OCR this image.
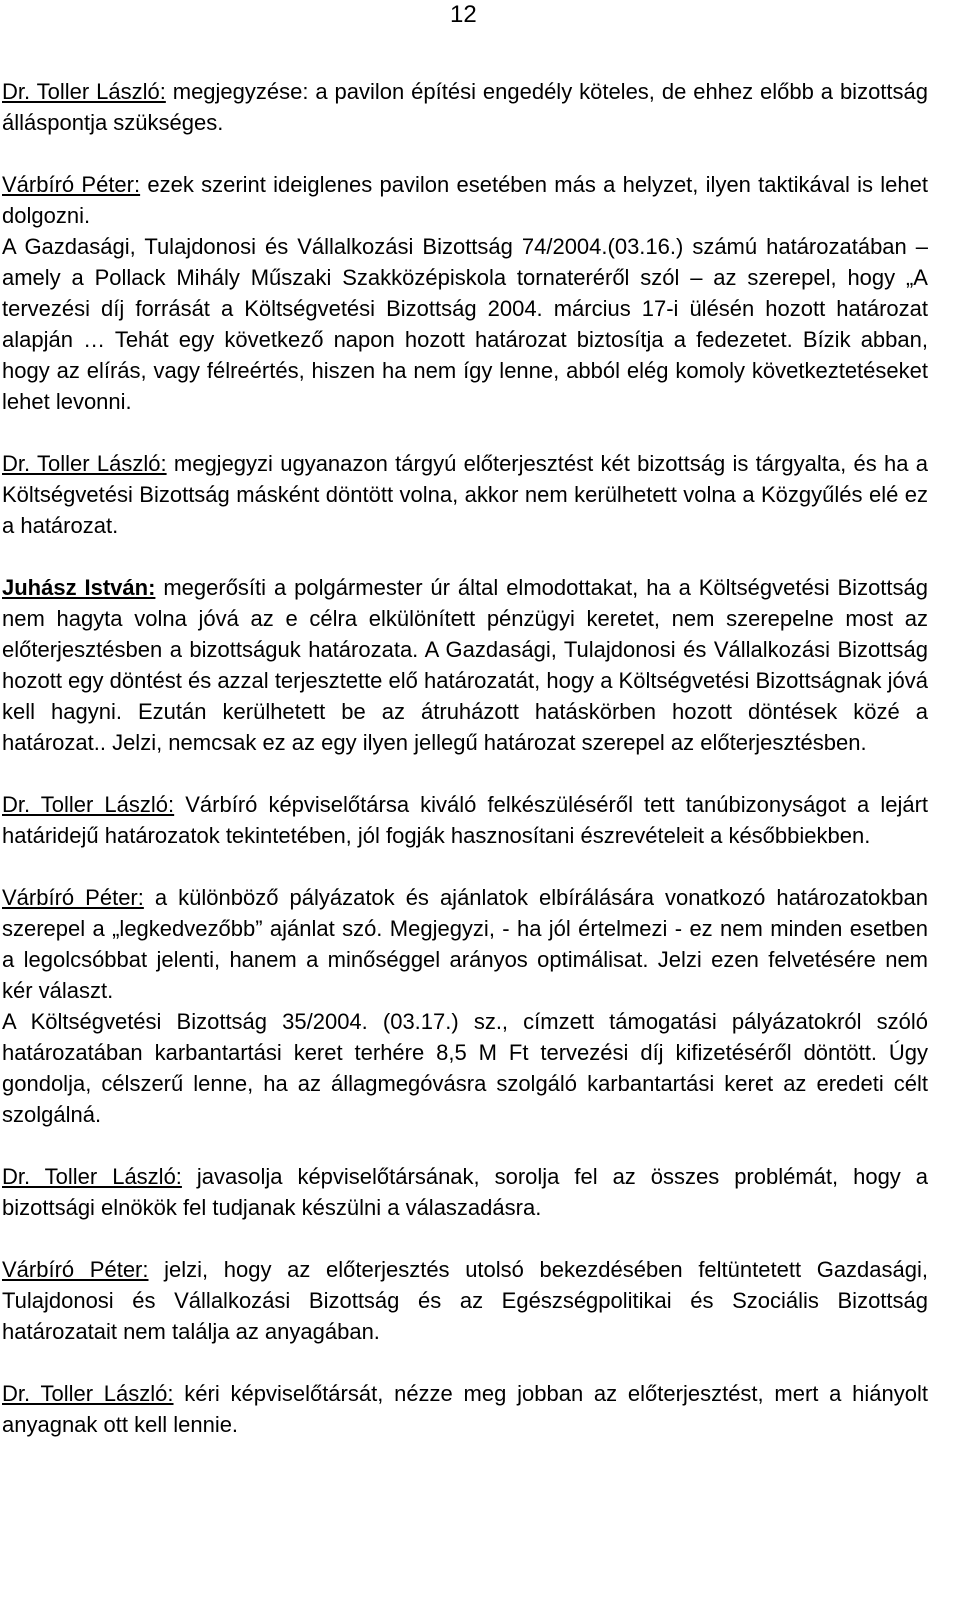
12

Dr. Toller László: megjegyzése: a pavilon építési engedély köteles, de ehhez előbb a bizottság álláspontja szükséges.

Várbíró Péter: ezek szerint ideiglenes pavilon esetében más a helyzet, ilyen taktikával is lehet dolgozni.

A Gazdasági, Tulajdonosi és Vállalkozási Bizottság 74/2004.(03.16.) számú határozatában – amely a Pollack Mihály Műszaki Szakközépiskola tornateréről szól – az szerepel, hogy „A tervezési díj forrását a Költségvetési Bizottság 2004. március 17-i ülésén hozott határozat alapján … Tehát egy következő napon hozott határozat biztosítja a fedezetet. Bízik abban, hogy az elírás, vagy félreértés, hiszen ha nem így lenne, abból elég komoly következtetéseket lehet levonni.

Dr. Toller László: megjegyzi ugyanazon tárgyú előterjesztést két bizottság is tárgyalta, és ha a Költségvetési Bizottság másként döntött volna, akkor nem kerülhetett volna a Közgyűlés elé ez a határozat.

Juhász István: megerősíti a polgármester úr által elmodottakat, ha a Költségvetési Bizottság nem hagyta volna jóvá az e célra elkülönített pénzügyi keretet, nem szerepelne most az előterjesztésben a bizottságuk határozata. A Gazdasági, Tulajdonosi és Vállalkozási Bizottság hozott egy döntést és azzal terjesztette elő határozatát, hogy a Költségvetési Bizottságnak jóvá kell hagyni. Ezután kerülhetett be az átruházott hatáskörben hozott döntések közé a határozat.. Jelzi, nemcsak ez az egy ilyen jellegű határozat szerepel az előterjesztésben.

Dr. Toller László: Várbíró képviselőtársa kiváló felkészüléséről tett tanúbizonyságot a lejárt határidejű határozatok tekintetében, jól fogják hasznosítani észrevételeit a későbbiekben.

Várbíró Péter: a különböző pályázatok és ajánlatok elbírálására vonatkozó határozatokban szerepel a „legkedvezőbb” ajánlat szó. Megjegyzi, - ha jól értelmezi - ez nem minden esetben a legolcsóbbat jelenti, hanem a minőséggel arányos optimálisat. Jelzi ezen felvetésére nem kér választ.

A Költségvetési Bizottság 35/2004. (03.17.) sz., címzett támogatási pályázatokról szóló határozatában karbantartási keret terhére 8,5 M Ft tervezési díj kifizetéséről döntött. Úgy gondolja, célszerű lenne, ha az állagmegóvásra szolgáló karbantartási keret az eredeti célt szolgálná.

Dr. Toller László: javasolja képviselőtársának, sorolja fel az összes problémát, hogy a bizottsági elnökök fel tudjanak készülni a válaszadásra.

Várbíró Péter: jelzi, hogy az előterjesztés utolsó bekezdésében feltüntetett Gazdasági, Tulajdonosi és Vállalkozási Bizottság és az Egészségpolitikai és Szociális Bizottság határozatait nem találja az anyagában.

Dr. Toller László: kéri képviselőtársát, nézze meg jobban az előterjesztést, mert a hiányolt anyagnak ott kell lennie.
